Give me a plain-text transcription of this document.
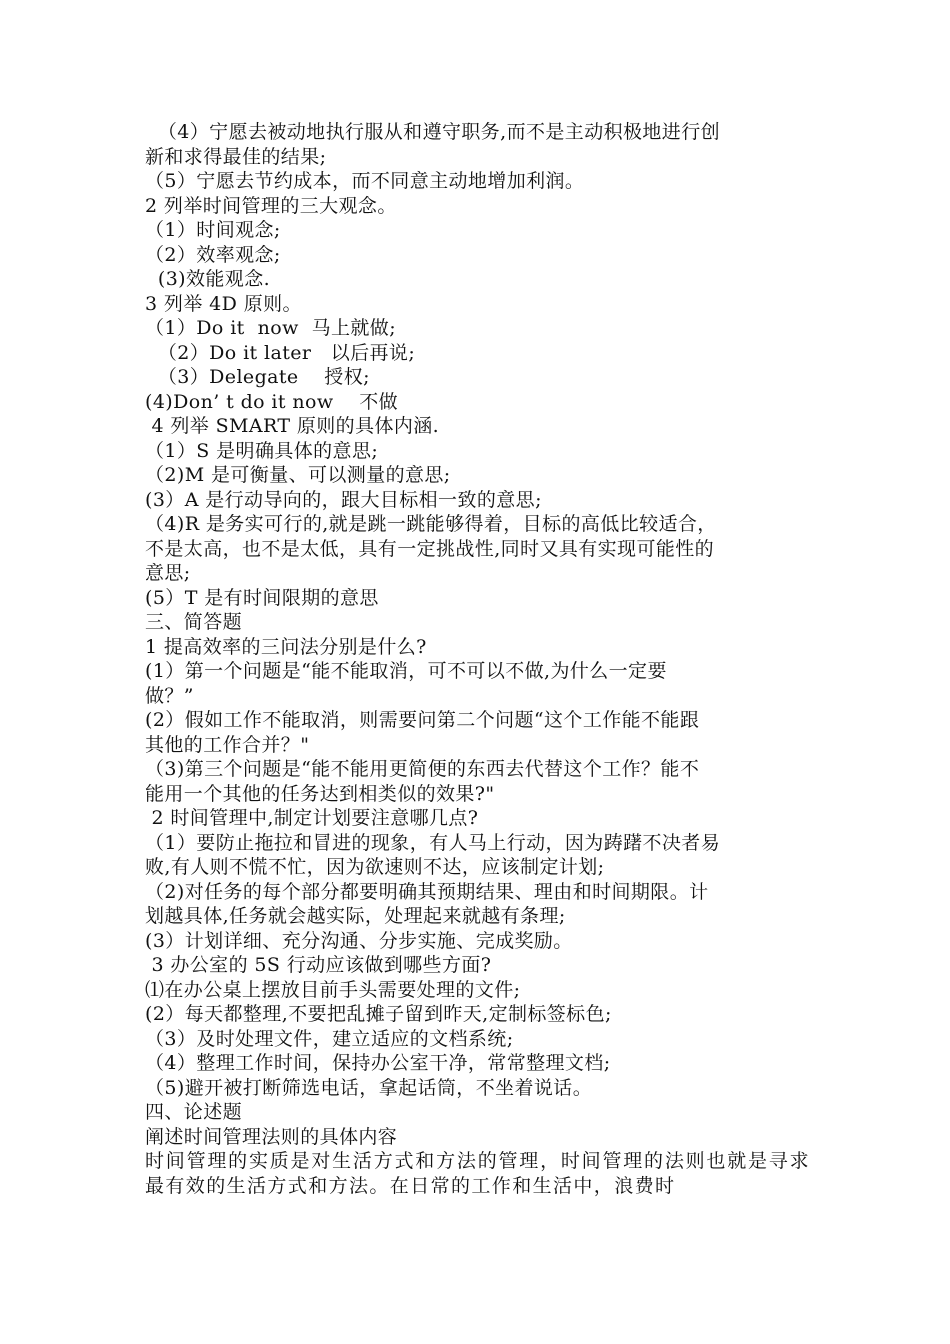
（4）宁愿去被动地执行服从和遵守职务,而不是主动积极地进行创
新和求得最佳的结果;
（5）宁愿去节约成本，而不同意主动地增加利润。
2 列举时间管理的三大观念。
（1）时间观念;
（2）效率观念;
(3)效能观念.
3 列举 4D 原则。
（1）Do it  now  马上就做;
（2）Do it later   以后再说;
（3）Delegate    授权;
(4)Don’ t do it now    不做
4 列举 SMART 原则的具体内涵.
（1）S 是明确具体的意思;
（2)M 是可衡量、可以测量的意思;
(3）A 是行动导向的，跟大目标相一致的意思;
（4)R 是务实可行的,就是跳一跳能够得着，目标的高低比较适合，
不是太高，也不是太低，具有一定挑战性,同时又具有实现可能性的
意思;
(5）T 是有时间限期的意思
三、简答题
1 提高效率的三问法分别是什么?
(1）第一个问题是“能不能取消，可不可以不做,为什么一定要
做？”
(2）假如工作不能取消，则需要问第二个问题“这个工作能不能跟
其他的工作合并？"
（3)第三个问题是“能不能用更简便的东西去代替这个工作？能不
能用一个其他的任务达到相类似的效果?"
2 时间管理中,制定计划要注意哪几点?
（1）要防止拖拉和冒进的现象，有人马上行动，因为踌躇不决者易
败,有人则不慌不忙，因为欲速则不达，应该制定计划;
（2)对任务的每个部分都要明确其预期结果、理由和时间期限。计
划越具体,任务就会越实际，处理起来就越有条理;
(3）计划详细、充分沟通、分步实施、完成奖励。
3 办公室的 5S 行动应该做到哪些方面?
⑴在办公桌上摆放目前手头需要处理的文件;
(2）每天都整理,不要把乱摊子留到昨天,定制标签标色;
（3）及时处理文件，建立适应的文档系统;
（4）整理工作时间，保持办公室干净，常常整理文档;
（5)避开被打断筛选电话，拿起话筒，不坐着说话。
四、论述题
阐述时间管理法则的具体内容
时间管理的实质是对生活方式和方法的管理，时间管理的法则也就是寻求最有效的生活方式和方法。在日常的工作和生活中，浪费时
